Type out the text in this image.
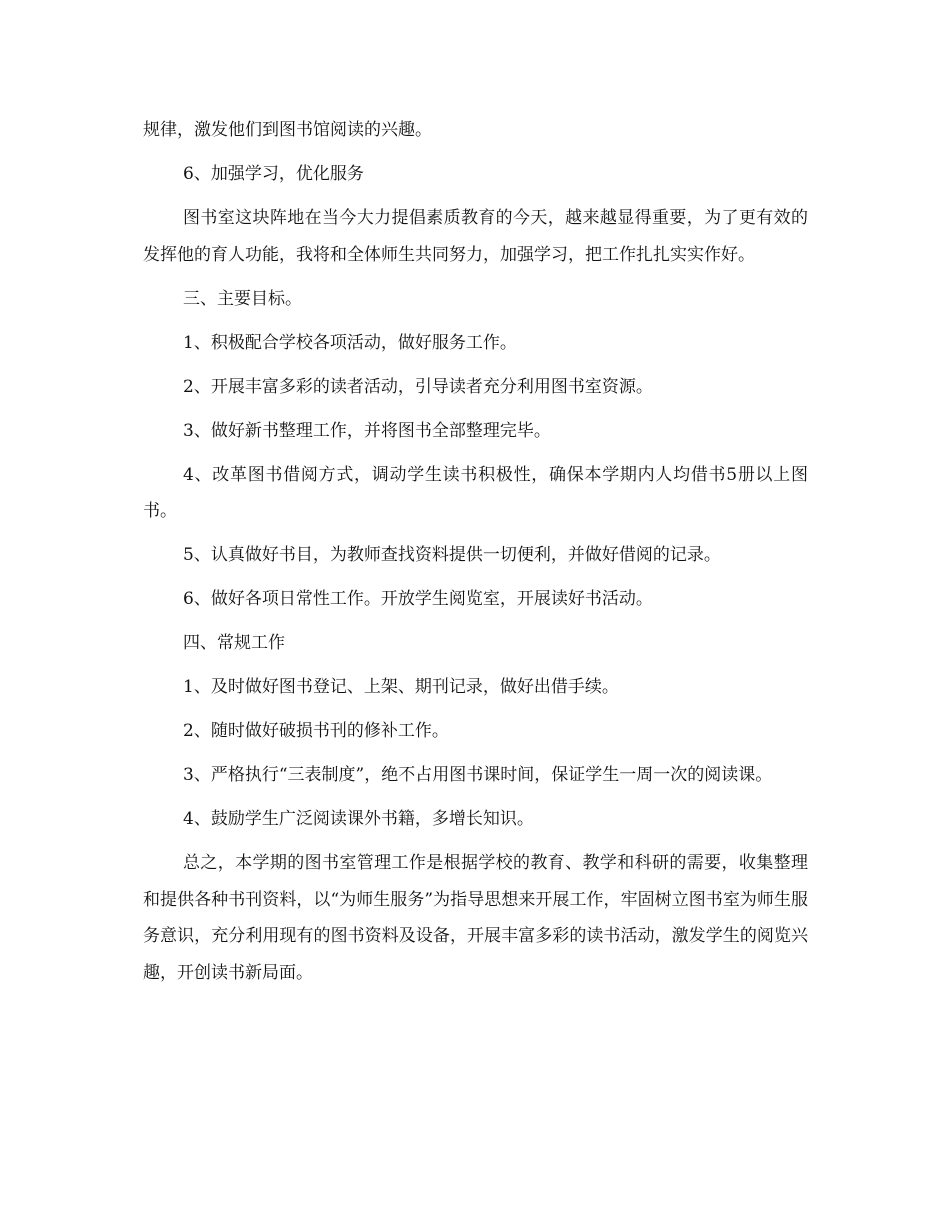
规律，激发他们到图书馆阅读的兴趣。

6、加强学习，优化服务

图书室这块阵地在当今大力提倡素质教育的今天，越来越显得重要，为了更有效的发挥他的育人功能，我将和全体师生共同努力，加强学习，把工作扎扎实实作好。

三、主要目标。

1、积极配合学校各项活动，做好服务工作。

2、开展丰富多彩的读者活动，引导读者充分利用图书室资源。

3、做好新书整理工作，并将图书全部整理完毕。

4、改革图书借阅方式，调动学生读书积极性，确保本学期内人均借书5册以上图书。

5、认真做好书目，为教师查找资料提供一切便利，并做好借阅的记录。

6、做好各项日常性工作。开放学生阅览室，开展读好书活动。

四、常规工作

1、及时做好图书登记、上架、期刊记录，做好出借手续。

2、随时做好破损书刊的修补工作。

3、严格执行“三表制度”，绝不占用图书课时间，保证学生一周一次的阅读课。

4、鼓励学生广泛阅读课外书籍，多增长知识。

总之，本学期的图书室管理工作是根据学校的教育、教学和科研的需要，收集整理和提供各种书刊资料，以“为师生服务”为指导思想来开展工作，牢固树立图书室为师生服务意识，充分利用现有的图书资料及设备，开展丰富多彩的读书活动，激发学生的阅览兴趣，开创读书新局面。
